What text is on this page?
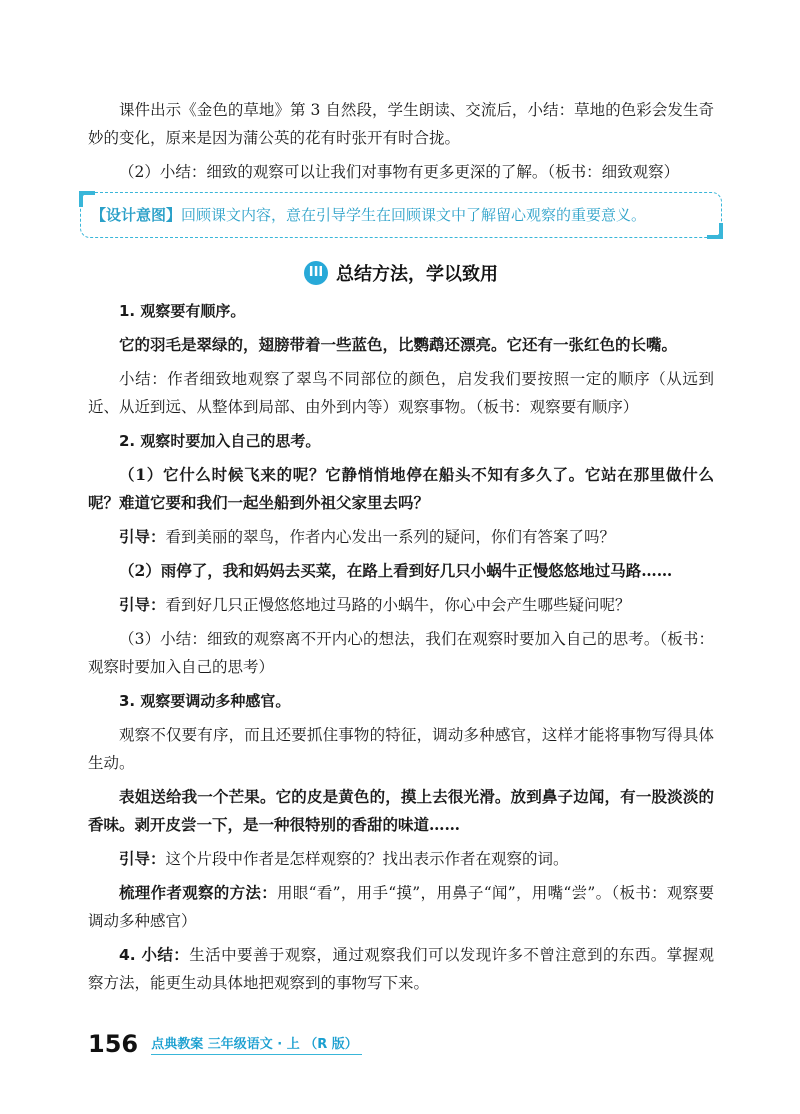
课件出示《金色的草地》第 3 自然段，学生朗读、交流后，小结：草地的色彩会发生奇妙的变化，原来是因为蒲公英的花有时张开有时合拢。

（2）小结：细致的观察可以让我们对事物有更多更深的了解。（板书：细致观察）

【设计意图】回顾课文内容，意在引导学生在回顾课文中了解留心观察的重要意义。
III 总结方法，学以致用

1. 观察要有顺序。

它的羽毛是翠绿的，翅膀带着一些蓝色，比鹦鹉还漂亮。它还有一张红色的长嘴。

小结：作者细致地观察了翠鸟不同部位的颜色，启发我们要按照一定的顺序（从远到近、从近到远、从整体到局部、由外到内等）观察事物。（板书：观察要有顺序）

2. 观察时要加入自己的思考。

（1）它什么时候飞来的呢？它静悄悄地停在船头不知有多久了。它站在那里做什么呢？难道它要和我们一起坐船到外祖父家里去吗？

引导：看到美丽的翠鸟，作者内心发出一系列的疑问，你们有答案了吗？

（2）雨停了，我和妈妈去买菜，在路上看到好几只小蜗牛正慢悠悠地过马路……

引导：看到好几只正慢悠悠地过马路的小蜗牛，你心中会产生哪些疑问呢？

（3）小结：细致的观察离不开内心的想法，我们在观察时要加入自己的思考。（板书：观察时要加入自己的思考）

3. 观察要调动多种感官。

观察不仅要有序，而且还要抓住事物的特征，调动多种感官，这样才能将事物写得具体生动。

表姐送给我一个芒果。它的皮是黄色的，摸上去很光滑。放到鼻子边闻，有一股淡淡的香味。剥开皮尝一下，是一种很特别的香甜的味道……

引导：这个片段中作者是怎样观察的？找出表示作者在观察的词。

梳理作者观察的方法：用眼“看”，用手“摸”，用鼻子“闻”，用嘴“尝”。（板书：观察要调动多种感官）

4. 小结：生活中要善于观察，通过观察我们可以发现许多不曾注意到的东西。掌握观察方法，能更生动具体地把观察到的事物写下来。

156 点典教案 三年级语文 · 上 （R 版）
